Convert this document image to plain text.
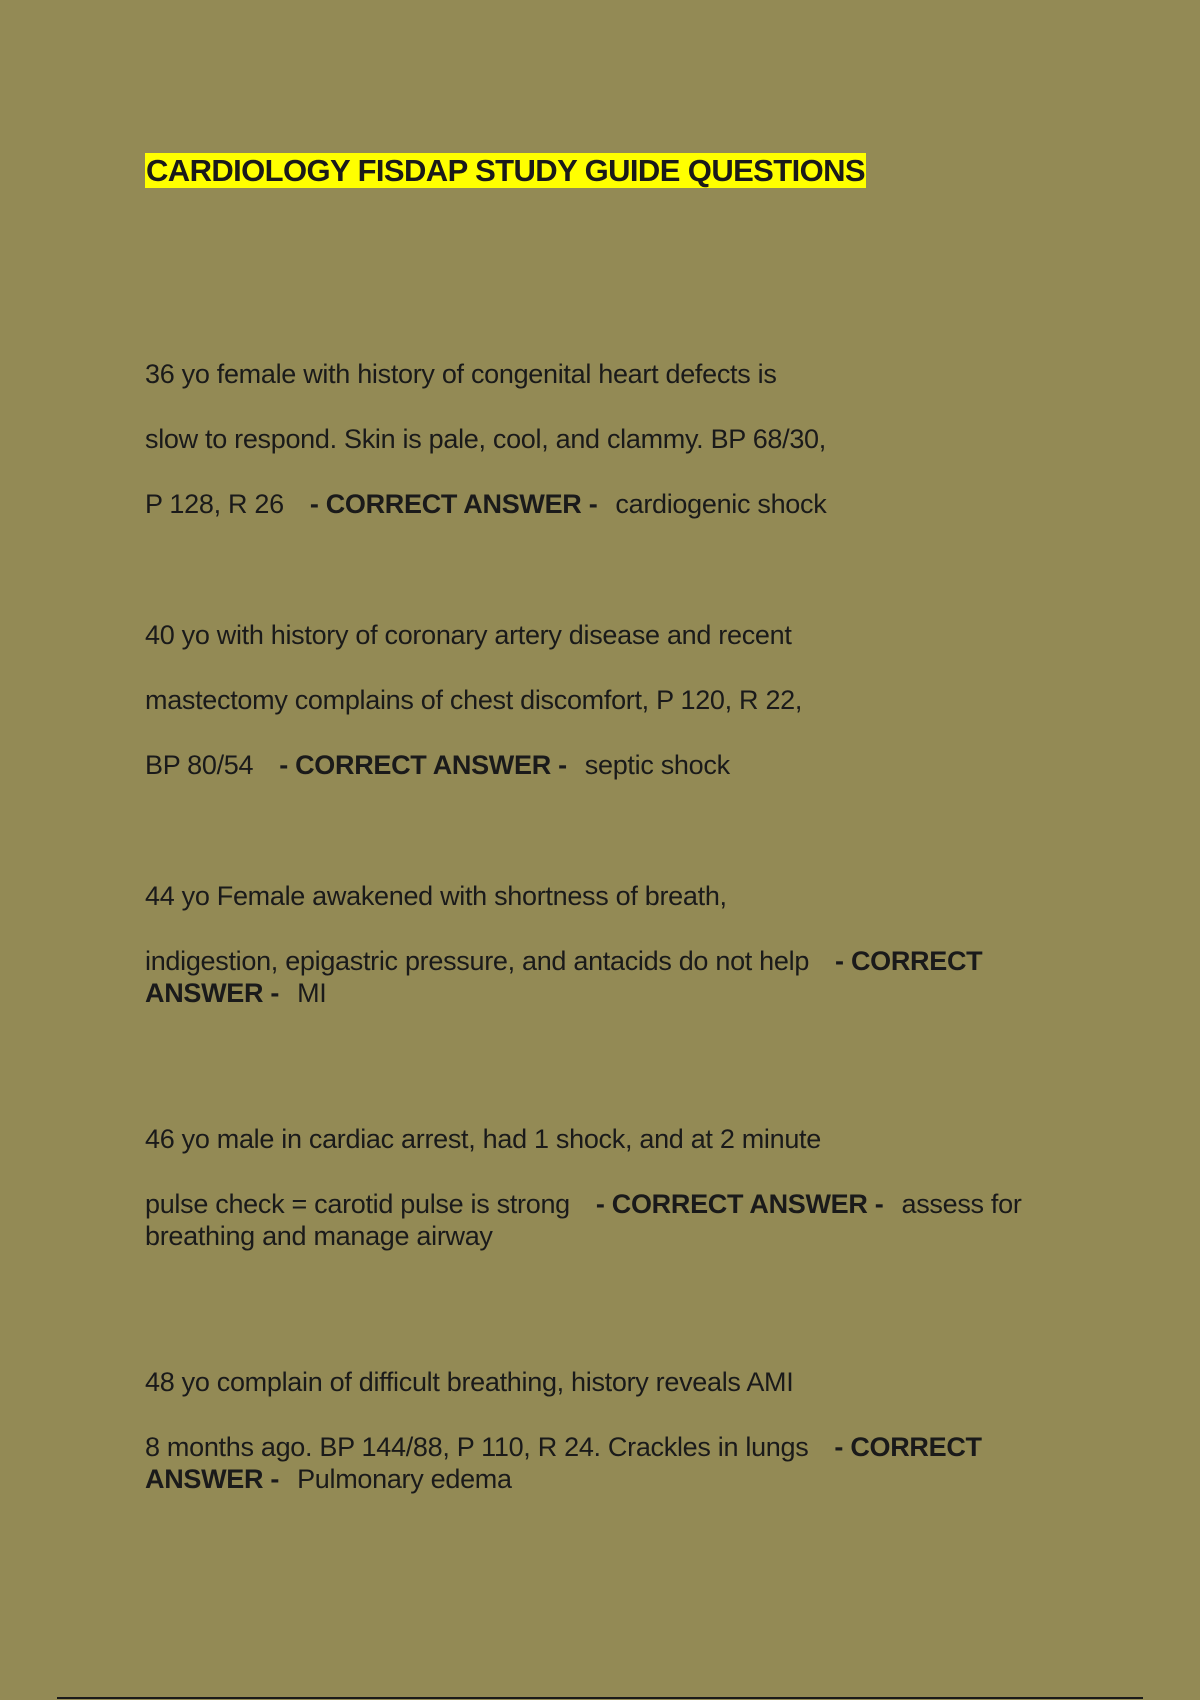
CARDIOLOGY FISDAP STUDY GUIDE QUESTIONS
36 yo female with history of congenital heart defects is
slow to respond. Skin is pale, cool, and clammy. BP 68/30,
P 128, R 26 - CORRECT ANSWER - cardiogenic shock
40 yo with history of coronary artery disease and recent
mastectomy complains of chest discomfort, P 120, R 22,
BP 80/54 - CORRECT ANSWER - septic shock
44 yo Female awakened with shortness of breath,
indigestion, epigastric pressure, and antacids do not help - CORRECT ANSWER - MI
46 yo male in cardiac arrest, had 1 shock, and at 2 minute
pulse check = carotid pulse is strong - CORRECT ANSWER - assess for breathing and manage airway
48 yo complain of difficult breathing, history reveals AMI
8 months ago. BP 144/88, P 110, R 24. Crackles in lungs - CORRECT ANSWER - Pulmonary edema
